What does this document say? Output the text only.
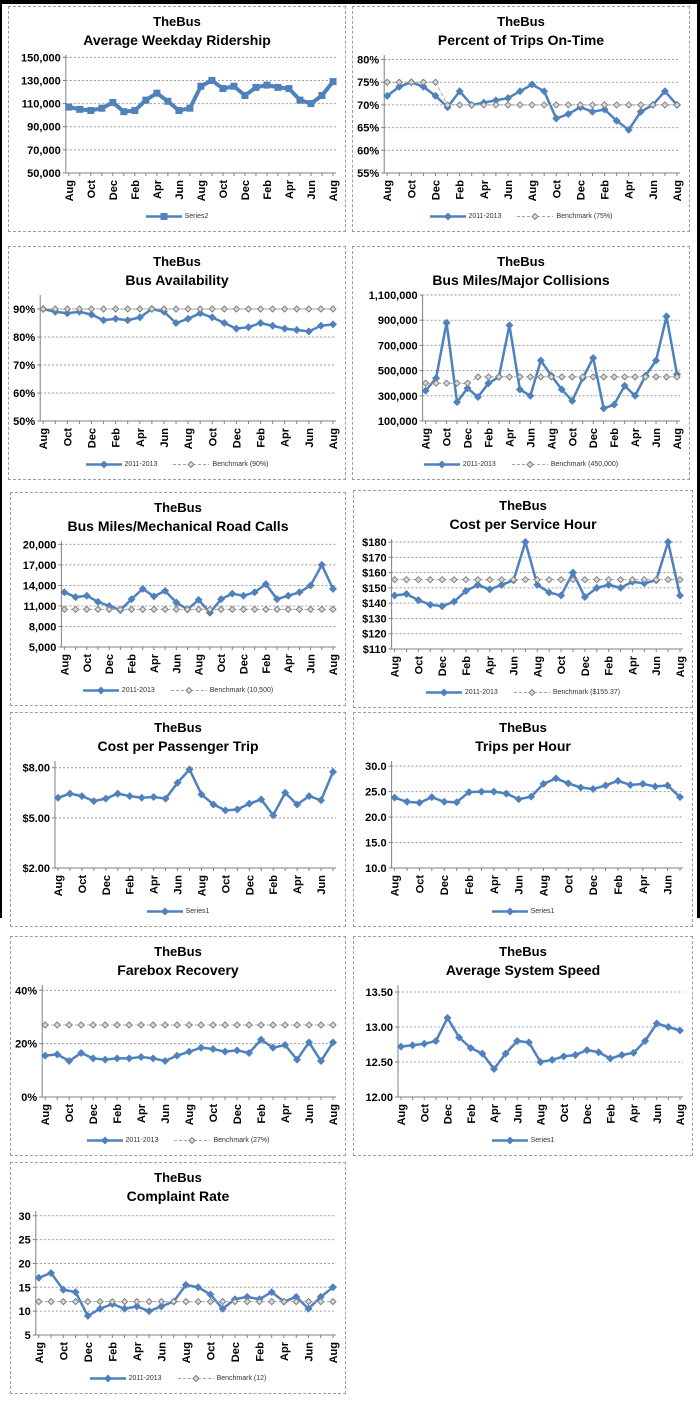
TheBus
Average Weekday Ridership
50,000
70,000
90,000
110,000
130,000
150,000
Aug Oct Dec Feb Apr Jun Aug Oct Dec Feb Apr Jun Aug
Series2
TheBus
Percent of Trips On-Time
55%
60%
65%
70%
75%
80%
Aug Oct Dec Feb Apr Jun Aug Oct Dec Feb Apr Jun Aug
2011-2013	Benchmark (75%)
TheBus
Bus Availability
50%
60%
70%
80%
90%
Aug Oct Dec Feb Apr Jun Aug Oct Dec Feb Apr Jun Aug
2011-2013	Benchmark (90%)
TheBus
Bus Miles/Major Collisions
100,000
300,000
500,000
700,000
900,000
1,100,000
Aug Oct Dec Feb Apr Jun Aug Oct Dec Feb Apr Jun Aug
2011-2013	Benchmark (450,000)
TheBus
Bus Miles/Mechanical Road Calls
5,000
8,000
11,000
14,000
17,000
20,000
Aug Oct Dec Feb Apr Jun Aug Oct Dec Feb Apr Jun Aug
2011-2013	Benchmark (10,500)
TheBus
Cost per Service Hour
$110
$120
$130
$140
$150
$160
$170
$180
Aug Oct Dec Feb Apr Jun Aug Oct Dec Feb Apr Jun Aug
2011-2013	Benchmark ($155.37)
TheBus
Cost per Passenger Trip
$2.00
$5.00
$8.00
Aug Oct Dec Feb Apr Jun Aug Oct Dec Feb Apr Jun
Series1
TheBus
Trips per Hour
10.0
15.0
20.0
25.0
30.0
Aug Oct Dec Feb Apr Jun Aug Oct Dec Feb Apr Jun
Series1
TheBus
Farebox Recovery
0%
20%
40%
Aug Oct Dec Feb Apr Jun Aug Oct Dec Feb Apr Jun Aug
2011-2013	Benchmark (27%)
TheBus
Average System Speed
12.00
12.50
13.00
13.50
Aug Oct Dec Feb Apr Jun Aug Oct Dec Feb Apr Jun Aug
Series1
TheBus
Complaint Rate
5
10
15
20
25
30
Aug Oct Dec Feb Apr Jun Aug Oct Dec Feb Apr Jun Aug
2011-2013	Benchmark (12)
